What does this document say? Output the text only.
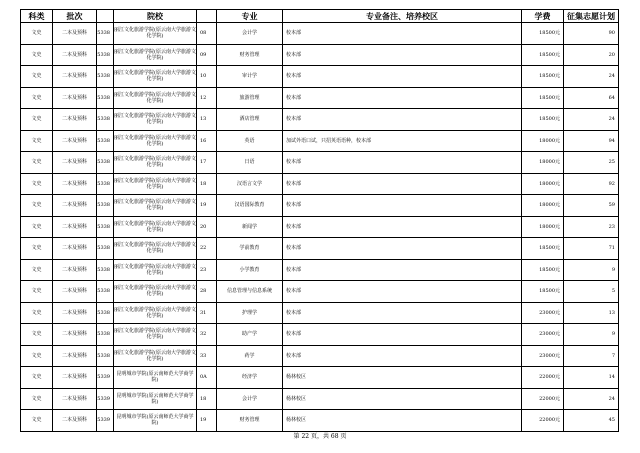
科类	批次		院校		专业	专业备注、培养校区	学费	征集志愿计划
文史	二本及预科	5338	丽江文化旅游学院(原云南大学旅游文化学院)	08	会计学	校本部	18500元	90
文史	二本及预科	5338	丽江文化旅游学院(原云南大学旅游文化学院)	09	财务管理	校本部	18500元	20
文史	二本及预科	5338	丽江文化旅游学院(原云南大学旅游文化学院)	10	审计学	校本部	18500元	24
文史	二本及预科	5338	丽江文化旅游学院(原云南大学旅游文化学院)	12	旅游管理	校本部	18500元	64
文史	二本及预科	5338	丽江文化旅游学院(原云南大学旅游文化学院)	13	酒店管理	校本部	18500元	24
文史	二本及预科	5338	丽江文化旅游学院(原云南大学旅游文化学院)	16	英语	加试外语口试，只招英语语种，校本部	18000元	94
文史	二本及预科	5338	丽江文化旅游学院(原云南大学旅游文化学院)	17	日语	校本部	18000元	25
文史	二本及预科	5338	丽江文化旅游学院(原云南大学旅游文化学院)	18	汉语言文学	校本部	18000元	92
文史	二本及预科	5338	丽江文化旅游学院(原云南大学旅游文化学院)	19	汉语国际教育	校本部	18000元	59
文史	二本及预科	5338	丽江文化旅游学院(原云南大学旅游文化学院)	20	新闻学	校本部	18000元	23
文史	二本及预科	5338	丽江文化旅游学院(原云南大学旅游文化学院)	22	学前教育	校本部	18500元	71
文史	二本及预科	5338	丽江文化旅游学院(原云南大学旅游文化学院)	23	小学教育	校本部	18500元	9
文史	二本及预科	5338	丽江文化旅游学院(原云南大学旅游文化学院)	28	信息管理与信息系统	校本部	18500元	5
文史	二本及预科	5338	丽江文化旅游学院(原云南大学旅游文化学院)	31	护理学	校本部	23000元	13
文史	二本及预科	5338	丽江文化旅游学院(原云南大学旅游文化学院)	32	助产学	校本部	23000元	9
文史	二本及预科	5338	丽江文化旅游学院(原云南大学旅游文化学院)	33	药学	校本部	23000元	7
文史	二本及预科	5339	昆明城市学院(原云南师范大学商学院)	0A	经济学	杨林校区	22000元	14
文史	二本及预科	5339	昆明城市学院(原云南师范大学商学院)	18	会计学	杨林校区	22000元	24
文史	二本及预科	5339	昆明城市学院(原云南师范大学商学院)	19	财务管理	杨林校区	22000元	45
第 22 页，共 68 页
